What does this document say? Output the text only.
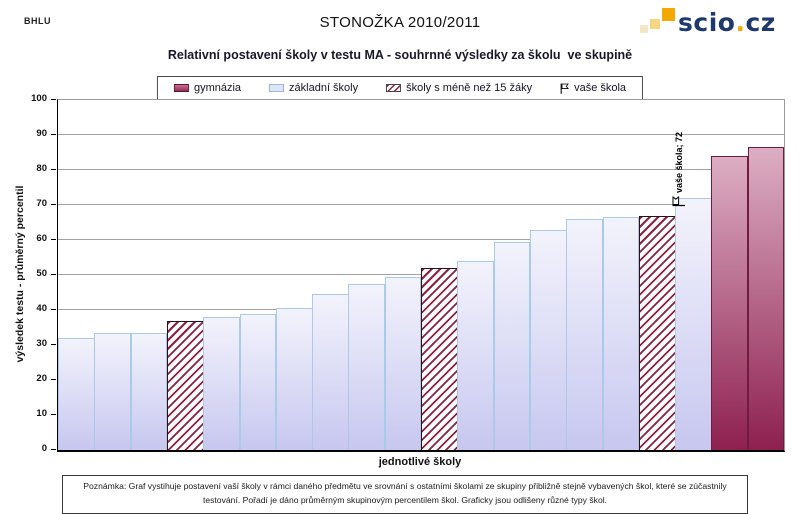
BHLU	STONOŽKA 2010/2011	scio.cz
Relativní postavení školy v testu MA - souhrnné výsledky za školu  ve skupině
gymnázia	základní školy	školy s méně než 15 žáky	vaše škola
výsledek testu - průměrný percentil
0
10
20
30
40
50
60
70
80
90
100
vaše škola; 72
jednotlivé školy
Poznámka: Graf vystihuje postavení vaší školy v rámci daného předmětu ve srovnání s ostatními školami ze skupiny přibližně stejně vybavených škol, které se zúčastnily testování. Pořadí je dáno průměrným skupinovým percentilem škol. Graficky jsou odlišeny různé typy škol.
